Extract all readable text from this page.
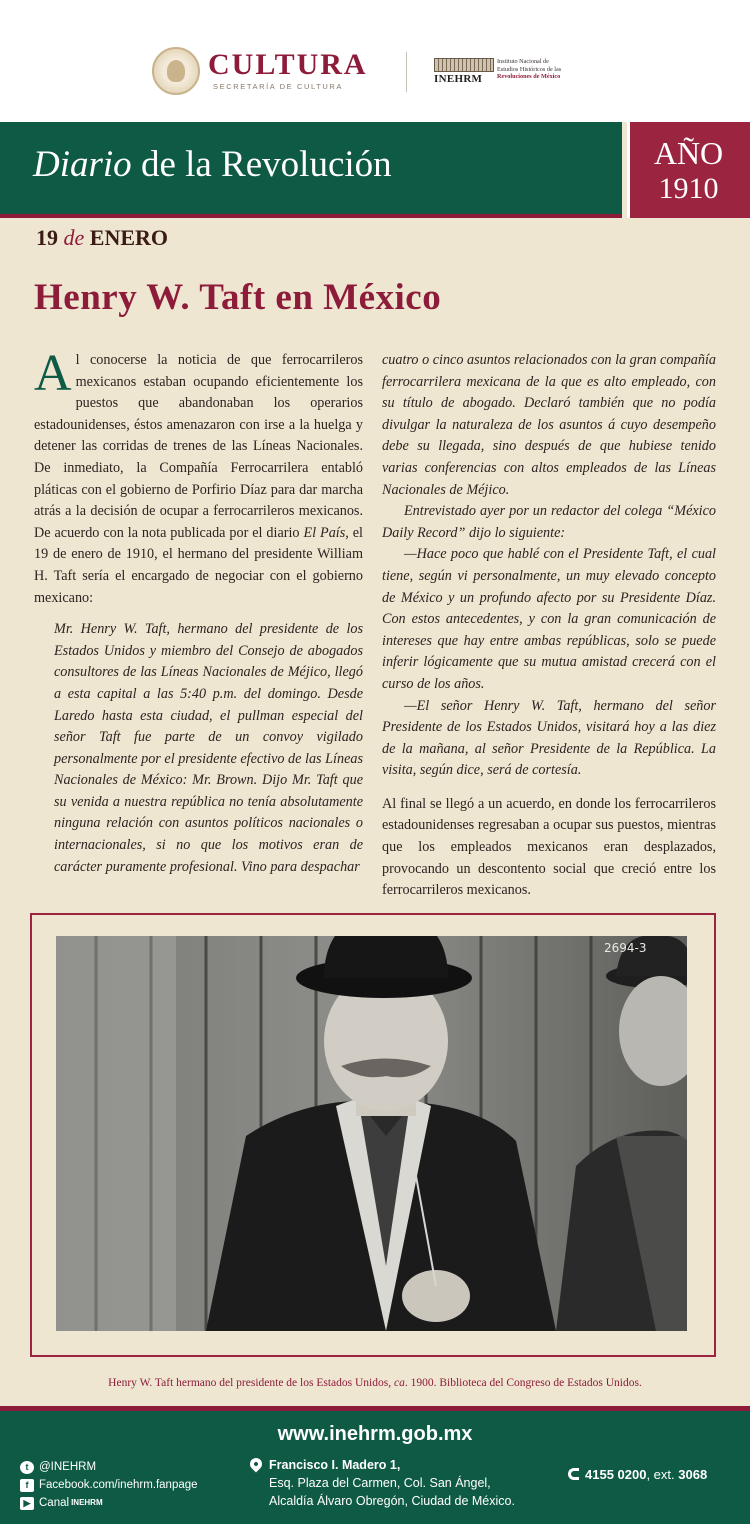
CULTURA
SECRETARÍA DE CULTURA
INEHRM
Instituto Nacional de
Estudios Históricos de las
Revoluciones de México
Diario de la Revolución	AÑO
1910
19 de ENERO
Henry W. Taft en México

Al conocerse la noticia de que ferrocarrileros mexicanos estaban ocupando eficientemente los puestos que abandonaban los operarios estadounidenses, éstos amenazaron con irse a la huelga y detener las corridas de trenes de las Líneas Nacionales. De inmediato, la Compañía Ferrocarrilera entabló pláticas con el gobierno de Porfirio Díaz para dar marcha atrás a la decisión de ocupar a ferrocarrileros mexicanos. De acuerdo con la nota publicada por el diario El País, el 19 de enero de 1910, el hermano del presidente William H. Taft sería el encargado de negociar con el gobierno mexicano:

Mr. Henry W. Taft, hermano del presidente de los Estados Unidos y miembro del Consejo de abogados consultores de las Líneas Nacionales de Méjico, llegó a esta capital a las 5:40 p.m. del domingo. Desde Laredo hasta esta ciudad, el pullman especial del señor Taft fue parte de un convoy vigilado personalmente por el presidente efectivo de las Líneas Nacionales de México: Mr. Brown. Dijo Mr. Taft que su venida a nuestra república no tenía absolutamente ninguna relación con asuntos políticos nacionales o internacionales, si no que los motivos eran de carácter puramente profesional. Vino para despachar

cuatro o cinco asuntos relacionados con la gran compañía ferrocarrilera mexicana de la que es alto empleado, con su título de abogado. Declaró también que no podía divulgar la naturaleza de los asuntos á cuyo desempeño debe su llegada, sino después de que hubiese tenido varias conferencias con altos empleados de las Líneas Nacionales de Méjico.

Entrevistado ayer por un redactor del colega “México Daily Record” dijo lo siguiente:

—Hace poco que hablé con el Presidente Taft, el cual tiene, según vi personalmente, un muy elevado concepto de México y un profundo afecto por su Presidente Díaz. Con estos antecedentes, y con la gran comunicación de intereses que hay entre ambas repúblicas, solo se puede inferir lógicamente que su mutua amistad crecerá con el curso de los años.

—El señor Henry W. Taft, hermano del señor Presidente de los Estados Unidos, visitará hoy a las diez de la mañana, al señor Presidente de la República. La visita, según dice, será de cortesía.

Al final se llegó a un acuerdo, en donde los ferrocarrileros estadounidenses regresaban a ocupar sus puestos, mientras que los empleados mexicanos eran desplazados, provocando un descontento social que creció entre los ferrocarrileros mexicanos.

2694-3
Henry W. Taft hermano del presidente de los Estados Unidos, ca. 1900. Biblioteca del Congreso de Estados Unidos.
www.inehrm.gob.mx
t @INEHRM
f Facebook.com/inehrm.fanpage
▶ Canal INEHRM
Francisco I. Madero 1,
Esq. Plaza del Carmen, Col. San Ángel,
Alcaldía Álvaro Obregón, Ciudad de México.
4155 0200, ext. 3068
